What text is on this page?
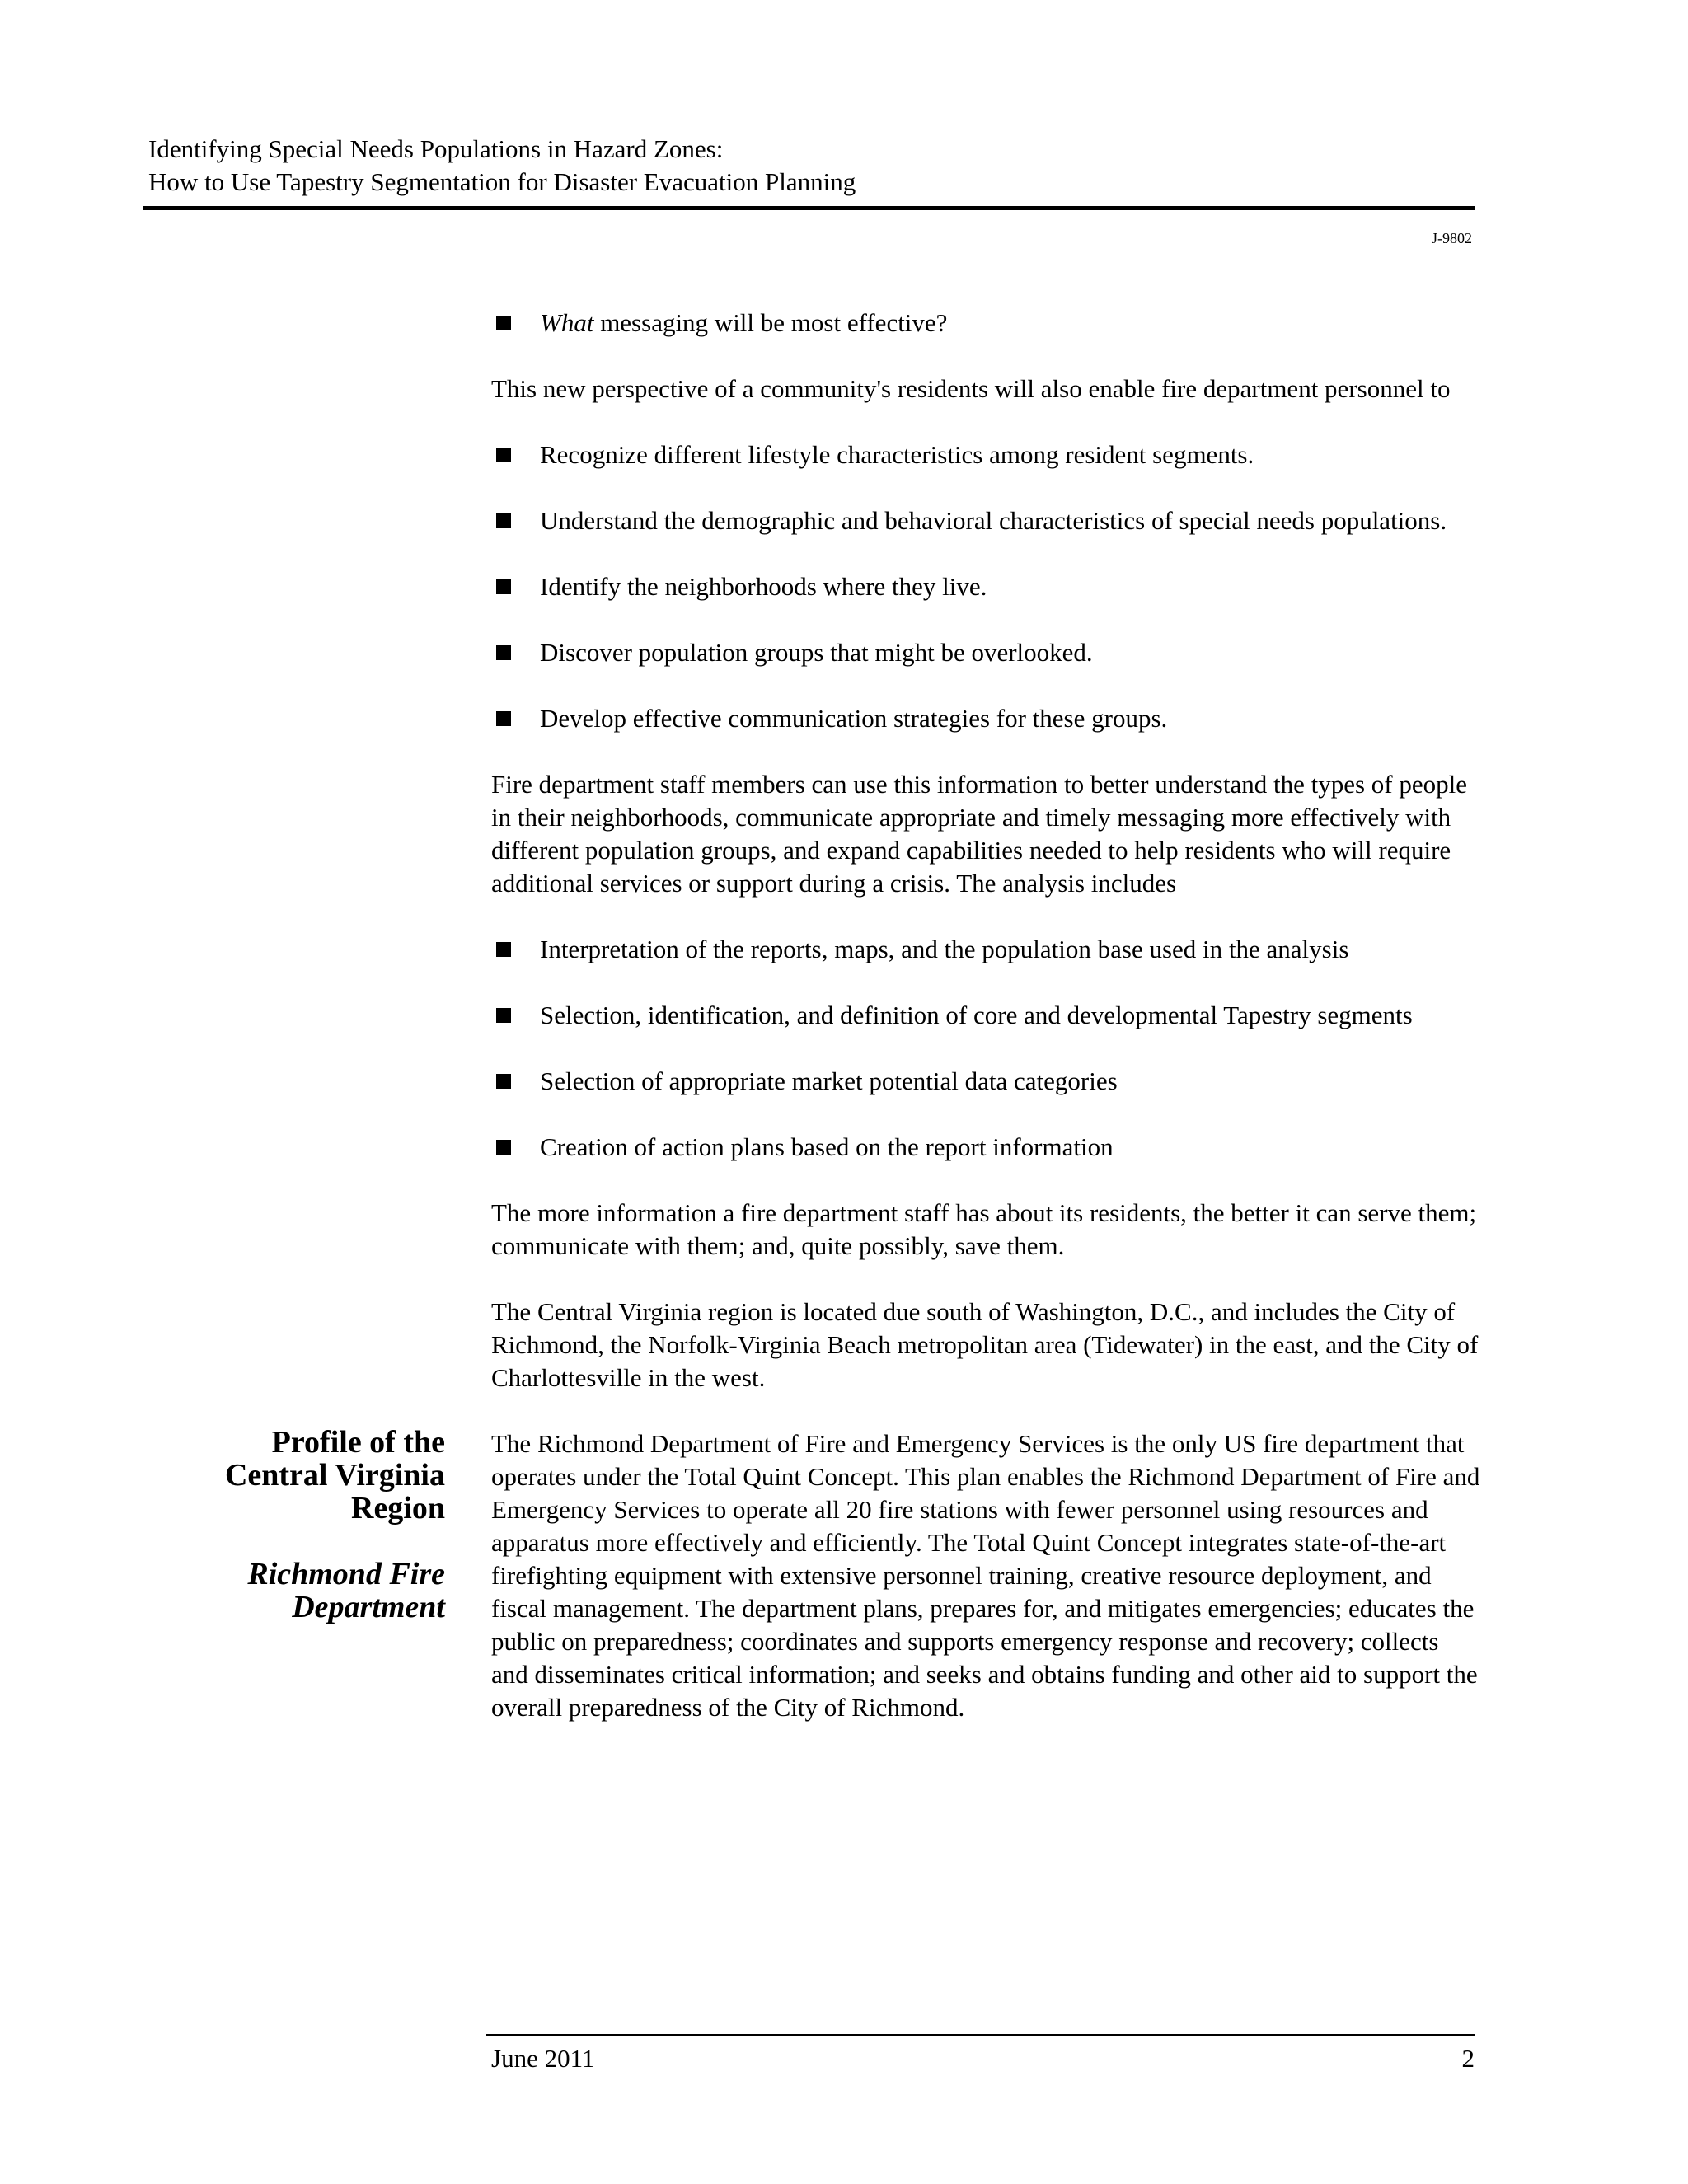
Identifying Special Needs Populations in Hazard Zones:
How to Use Tapestry Segmentation for Disaster Evacuation Planning
J-9802
What messaging will be most effective?

This new perspective of a community's residents will also enable fire department personnel to

Recognize different lifestyle characteristics among resident segments.
Understand the demographic and behavioral characteristics of special needs populations.
Identify the neighborhoods where they live.
Discover population groups that might be overlooked.
Develop effective communication strategies for these groups.

Fire department staff members can use this information to better understand the types of people in their neighborhoods, communicate appropriate and timely messaging more effectively with different population groups, and expand capabilities needed to help residents who will require additional services or support during a crisis. The analysis includes

Interpretation of the reports, maps, and the population base used in the analysis
Selection, identification, and definition of core and developmental Tapestry segments
Selection of appropriate market potential data categories
Creation of action plans based on the report information

The more information a fire department staff has about its residents, the better it can serve them; communicate with them; and, quite possibly, save them.

The Central Virginia region is located due south of Washington, D.C., and includes the City of Richmond, the Norfolk-Virginia Beach metropolitan area (Tidewater) in the east, and the City of Charlottesville in the west.

The Richmond Department of Fire and Emergency Services is the only US fire department that operates under the Total Quint Concept. This plan enables the Richmond Department of Fire and Emergency Services to operate all 20 fire stations with fewer personnel using resources and apparatus more effectively and efficiently. The Total Quint Concept integrates state-of-the-art firefighting equipment with extensive personnel training, creative resource deployment, and fiscal management. The department plans, prepares for, and mitigates emergencies; educates the public on preparedness; coordinates and supports emergency response and recovery; collects and disseminates critical information; and seeks and obtains funding and other aid to support the overall preparedness of the City of Richmond.

Profile of the
Central Virginia
Region
Richmond Fire
Department
June 2011	2
